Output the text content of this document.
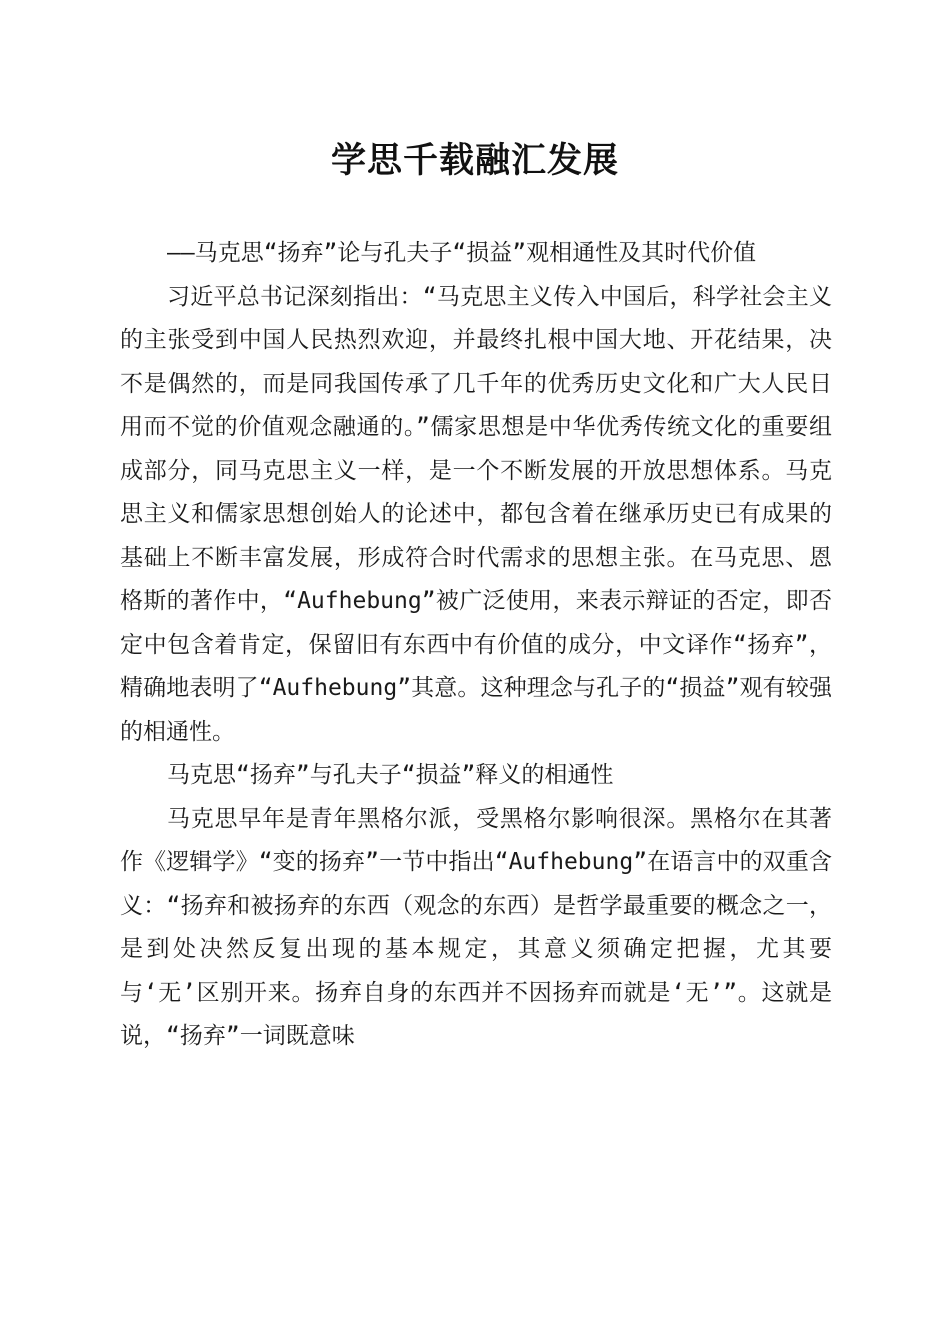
学思千载融汇发展

——马克思“扬弃”论与孔夫子“损益”观相通性及其时代价值

习近平总书记深刻指出：“马克思主义传入中国后，科学社会主义的主张受到中国人民热烈欢迎，并最终扎根中国大地、开花结果，决不是偶然的，而是同我国传承了几千年的优秀历史文化和广大人民日用而不觉的价值观念融通的。”儒家思想是中华优秀传统文化的重要组成部分，同马克思主义一样，是一个不断发展的开放思想体系。马克思主义和儒家思想创始人的论述中，都包含着在继承历史已有成果的基础上不断丰富发展，形成符合时代需求的思想主张。在马克思、恩格斯的著作中，“Aufhebung”被广泛使用，来表示辩证的否定，即否定中包含着肯定，保留旧有东西中有价值的成分，中文译作“扬弃”，精确地表明了“Aufhebung”其意。这种理念与孔子的“损益”观有较强的相通性。

马克思“扬弃”与孔夫子“损益”释义的相通性

马克思早年是青年黑格尔派，受黑格尔影响很深。黑格尔在其著作《逻辑学》“变的扬弃”一节中指出“Aufhebung”在语言中的双重含义：“扬弃和被扬弃的东西（观念的东西）是哲学最重要的概念之一，是到处决然反复出现的基本规定，其意义须确定把握，尤其要与‘无’区别开来。扬弃自身的东西并不因扬弃而就是‘无’”。这就是说，“扬弃”一词既意味
